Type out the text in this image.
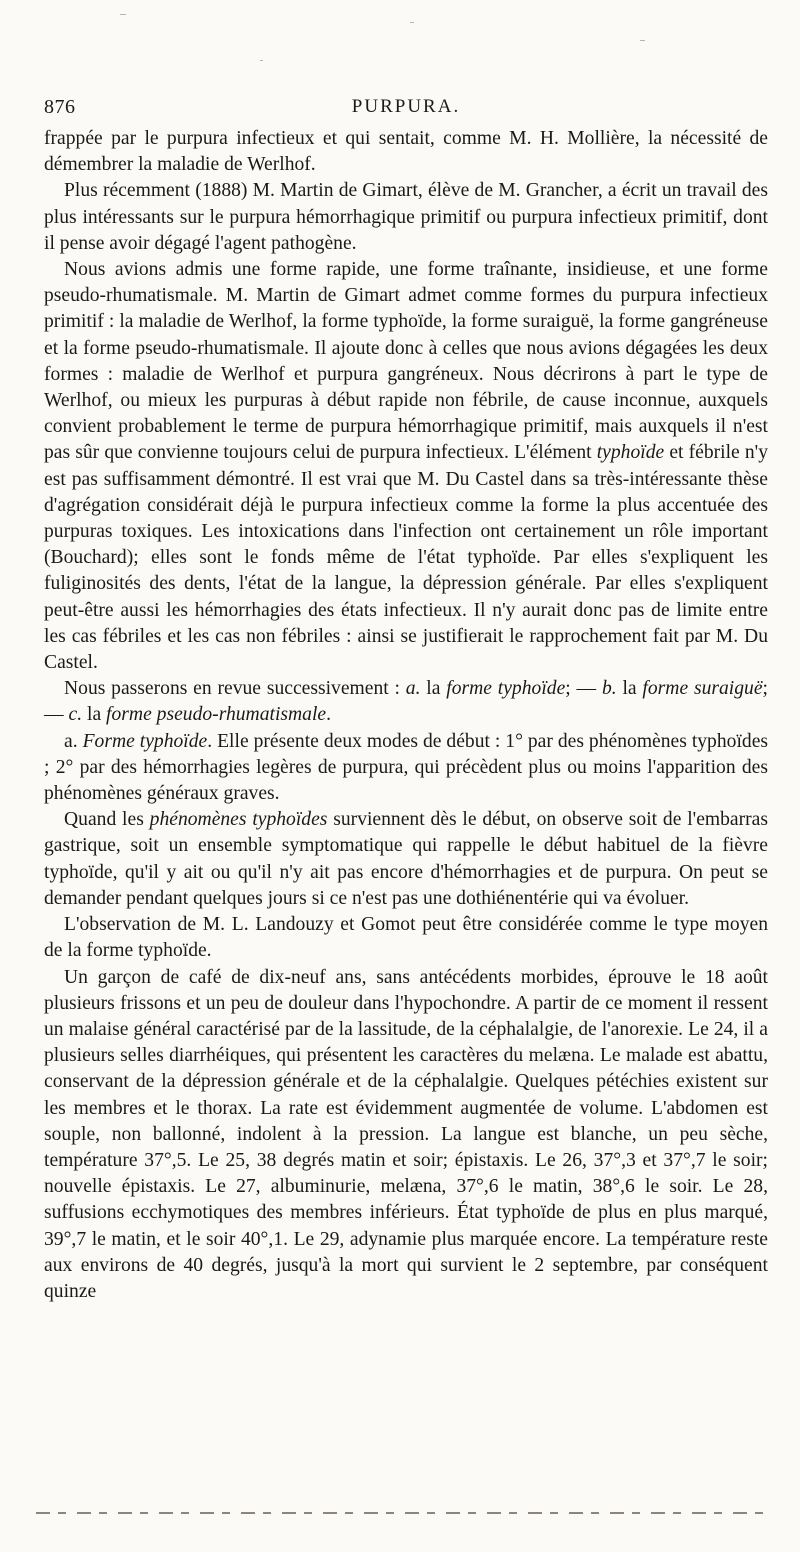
876	PURPURA.

frappée par le purpura infectieux et qui sentait, comme M. H. Mollière, la nécessité de démembrer la maladie de Werlhof.

Plus récemment (1888) M. Martin de Gimart, élève de M. Grancher, a écrit un travail des plus intéressants sur le purpura hémorrhagique primitif ou purpura infectieux primitif, dont il pense avoir dégagé l'agent pathogène.

Nous avions admis une forme rapide, une forme traînante, insidieuse, et une forme pseudo-rhumatismale. M. Martin de Gimart admet comme formes du purpura infectieux primitif : la maladie de Werlhof, la forme typhoïde, la forme suraiguë, la forme gangréneuse et la forme pseudo-rhumatismale. Il ajoute donc à celles que nous avions dégagées les deux formes : maladie de Werlhof et purpura gangréneux. Nous décrirons à part le type de Werlhof, ou mieux les purpuras à début rapide non fébrile, de cause inconnue, auxquels convient probablement le terme de purpura hémorrhagique primitif, mais auxquels il n'est pas sûr que convienne toujours celui de purpura infectieux. L'élément typhoïde et fébrile n'y est pas suffisamment démontré. Il est vrai que M. Du Castel dans sa très-intéressante thèse d'agrégation considérait déjà le purpura infectieux comme la forme la plus accentuée des purpuras toxiques. Les intoxications dans l'infection ont certainement un rôle important (Bouchard); elles sont le fonds même de l'état typhoïde. Par elles s'expliquent les fuliginosités des dents, l'état de la langue, la dépression générale. Par elles s'expliquent peut-être aussi les hémorrhagies des états infectieux. Il n'y aurait donc pas de limite entre les cas fébriles et les cas non fébriles : ainsi se justifierait le rapprochement fait par M. Du Castel.

Nous passerons en revue successivement : a. la forme typhoïde; — b. la forme suraiguë; — c. la forme pseudo-rhumatismale.

a. Forme typhoïde. Elle présente deux modes de début : 1° par des phénomènes typhoïdes ; 2° par des hémorrhagies legères de purpura, qui précèdent plus ou moins l'apparition des phénomènes généraux graves.

Quand les phénomènes typhoïdes surviennent dès le début, on observe soit de l'embarras gastrique, soit un ensemble symptomatique qui rappelle le début habituel de la fièvre typhoïde, qu'il y ait ou qu'il n'y ait pas encore d'hémorrhagies et de purpura. On peut se demander pendant quelques jours si ce n'est pas une dothiénentérie qui va évoluer.

L'observation de M. L. Landouzy et Gomot peut être considérée comme le type moyen de la forme typhoïde.

Un garçon de café de dix-neuf ans, sans antécédents morbides, éprouve le 18 août plusieurs frissons et un peu de douleur dans l'hypochondre. A partir de ce moment il ressent un malaise général caractérisé par de la lassitude, de la céphalalgie, de l'anorexie. Le 24, il a plusieurs selles diarrhéiques, qui présentent les caractères du melæna. Le malade est abattu, conservant de la dépression générale et de la céphalalgie. Quelques pétéchies existent sur les membres et le thorax. La rate est évidemment augmentée de volume. L'abdomen est souple, non ballonné, indolent à la pression. La langue est blanche, un peu sèche, température 37°,5. Le 25, 38 degrés matin et soir; épistaxis. Le 26, 37°,3 et 37°,7 le soir; nouvelle épistaxis. Le 27, albuminurie, melæna, 37°,6 le matin, 38°,6 le soir. Le 28, suffusions ecchymotiques des membres inférieurs. État typhoïde de plus en plus marqué, 39°,7 le matin, et le soir 40°,1. Le 29, adynamie plus marquée encore. La température reste aux environs de 40 degrés, jusqu'à la mort qui survient le 2 septembre, par conséquent quinze
